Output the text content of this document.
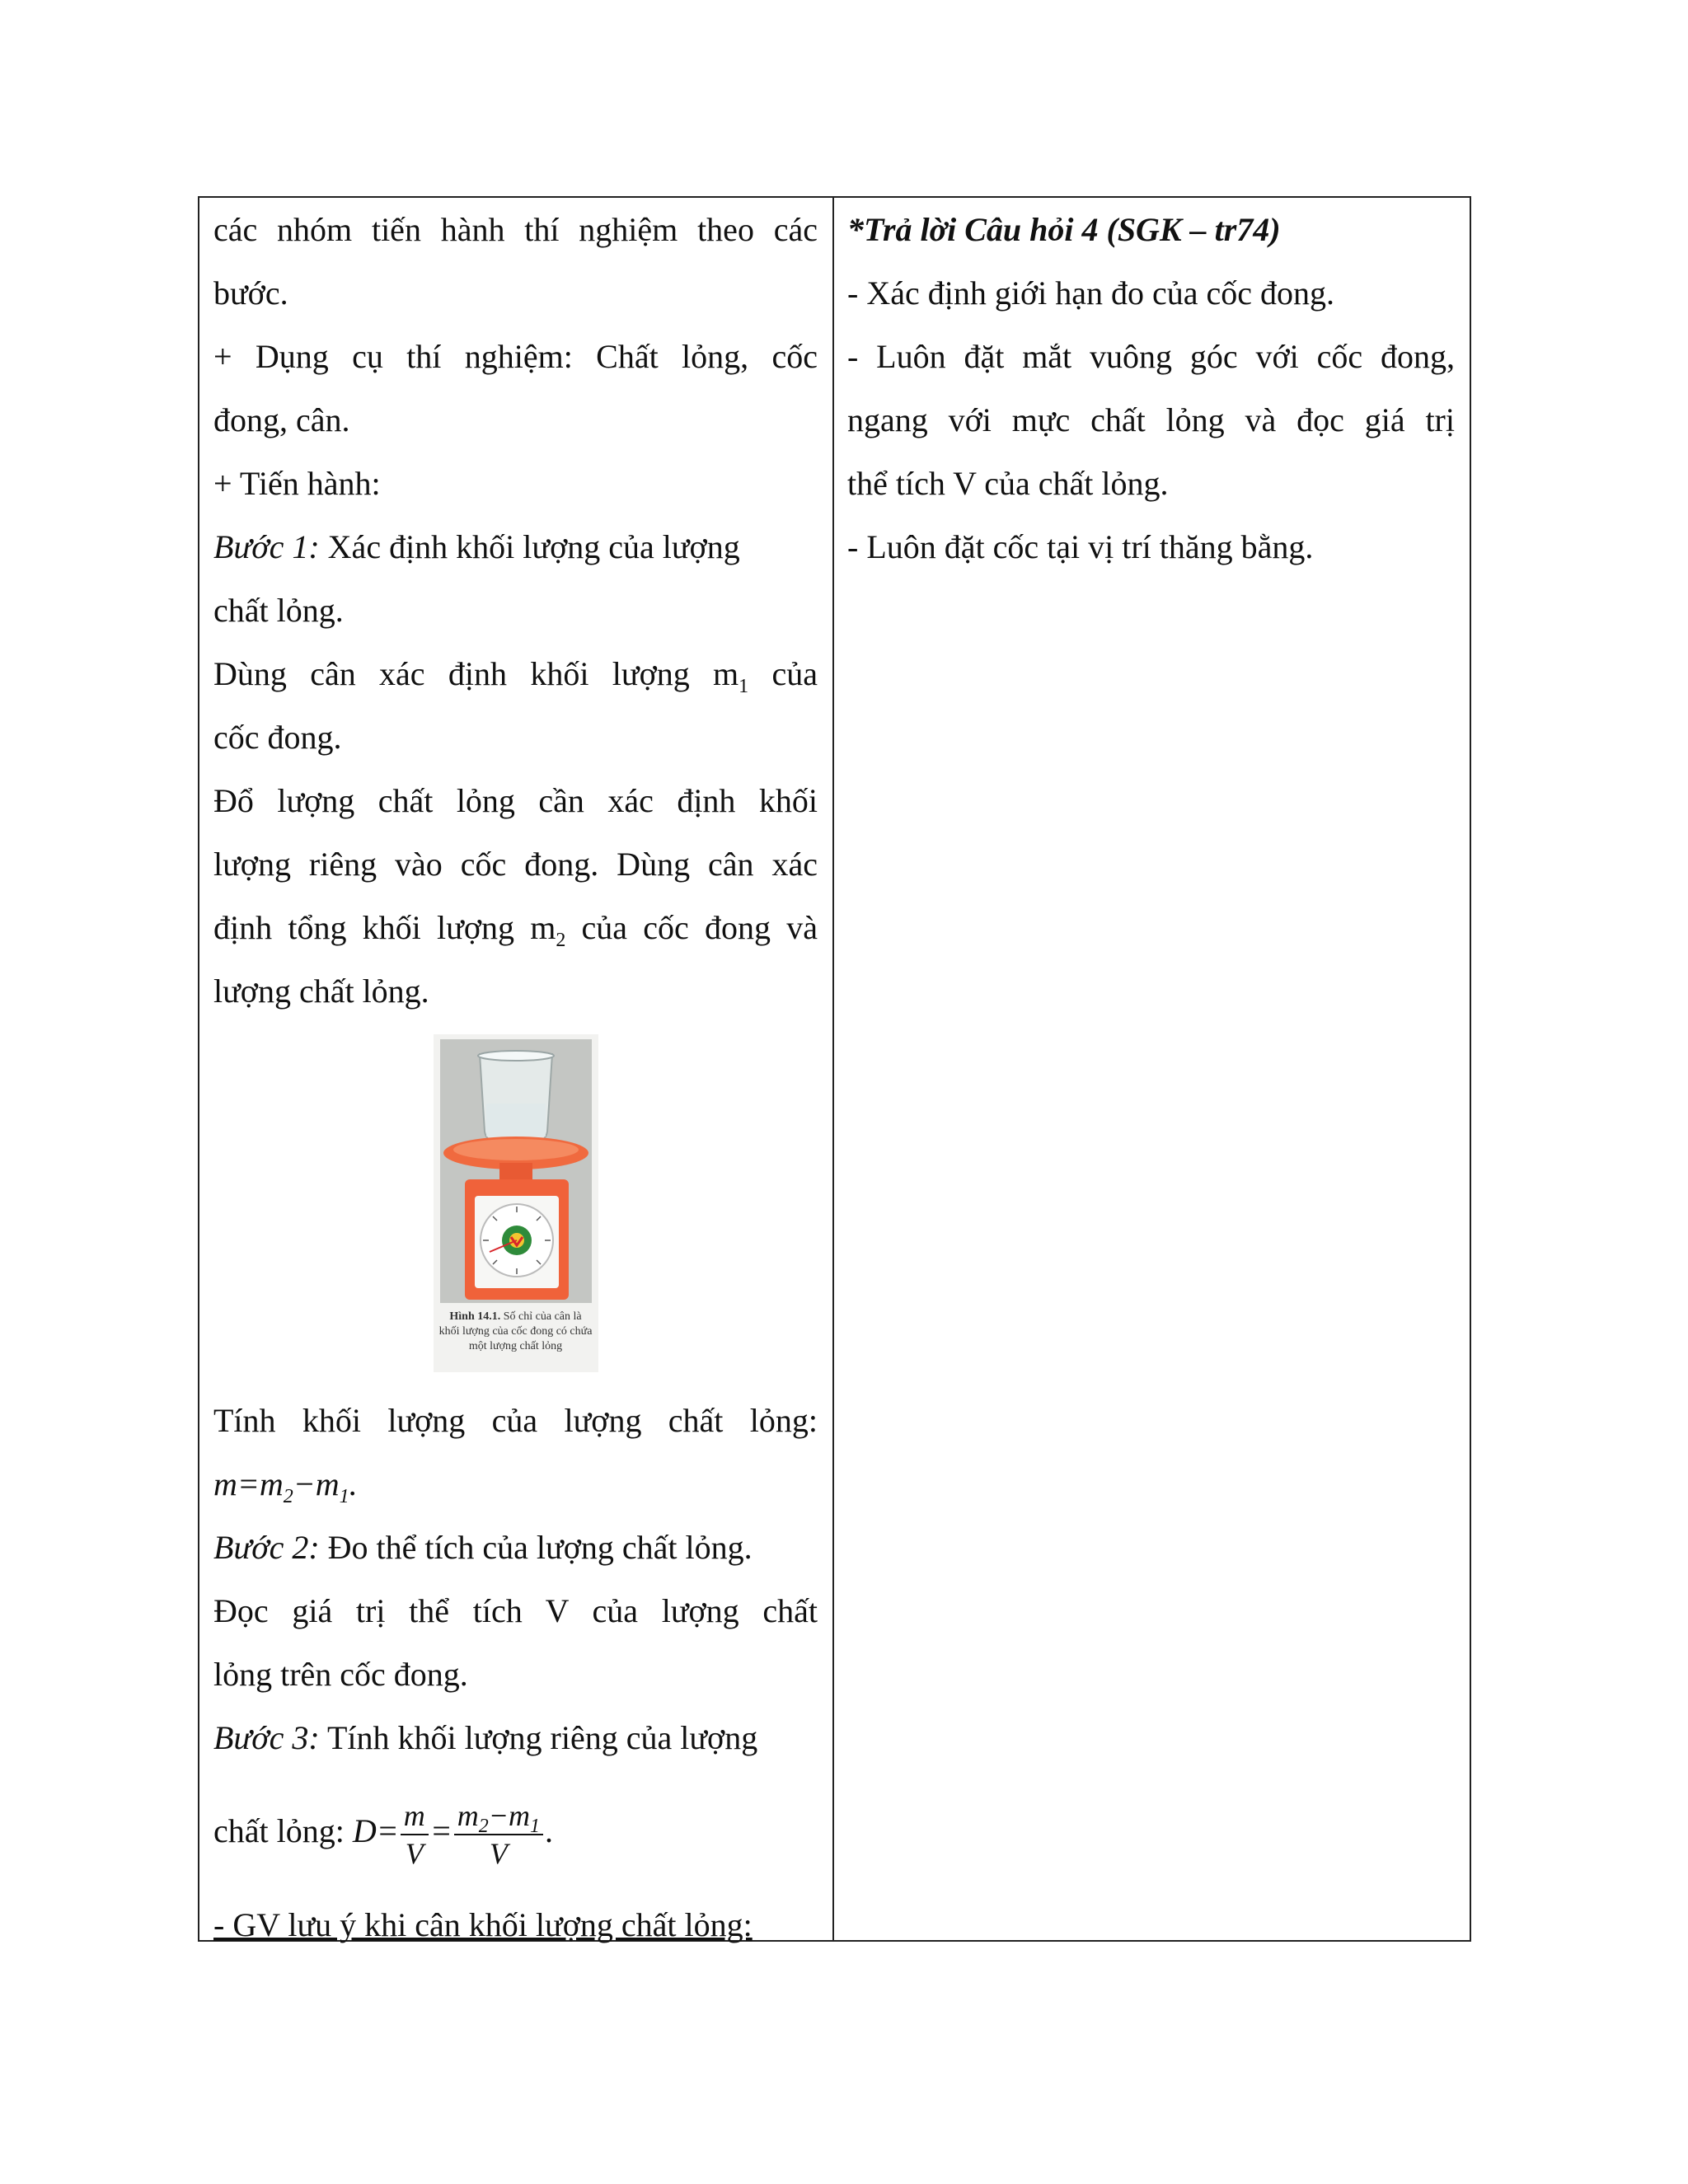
các nhóm tiến hành thí nghiệm theo các
bước.
+ Dụng cụ thí nghiệm: Chất lỏng, cốc
đong, cân.
+ Tiến hành:
Bước 1: Xác định khối lượng của lượng
chất lỏng.
Dùng cân xác định khối lượng $m_1$ của
cốc đong.
Đổ lượng chất lỏng cần xác định khối
lượng riêng vào cốc đong. Dùng cân xác
định tổng khối lượng $m_2$ của cốc đong và
lượng chất lỏng.
Hình 14.1. Số chỉ của cân là khối lượng của cốc đong có chứa một lượng chất lỏng
Tính khối lượng của lượng chất lỏng:
$m=m_2-m_1$.
Bước 2: Đo thể tích của lượng chất lỏng.
Đọc giá trị thể tích V của lượng chất
lỏng trên cốc đong.
Bước 3: Tính khối lượng riêng của lượng
chất lỏng: $D= \frac{m}{V} = \frac{m_2-m_1}{V}$ .
- GV lưu ý khi cân khối lượng chất lỏng:
*Trả lời Câu hỏi 4 (SGK – tr74)
- Xác định giới hạn đo của cốc đong.
- Luôn đặt mắt vuông góc với cốc đong,
ngang với mực chất lỏng và đọc giá trị
thể tích V của chất lỏng.
- Luôn đặt cốc tại vị trí thăng bằng.
